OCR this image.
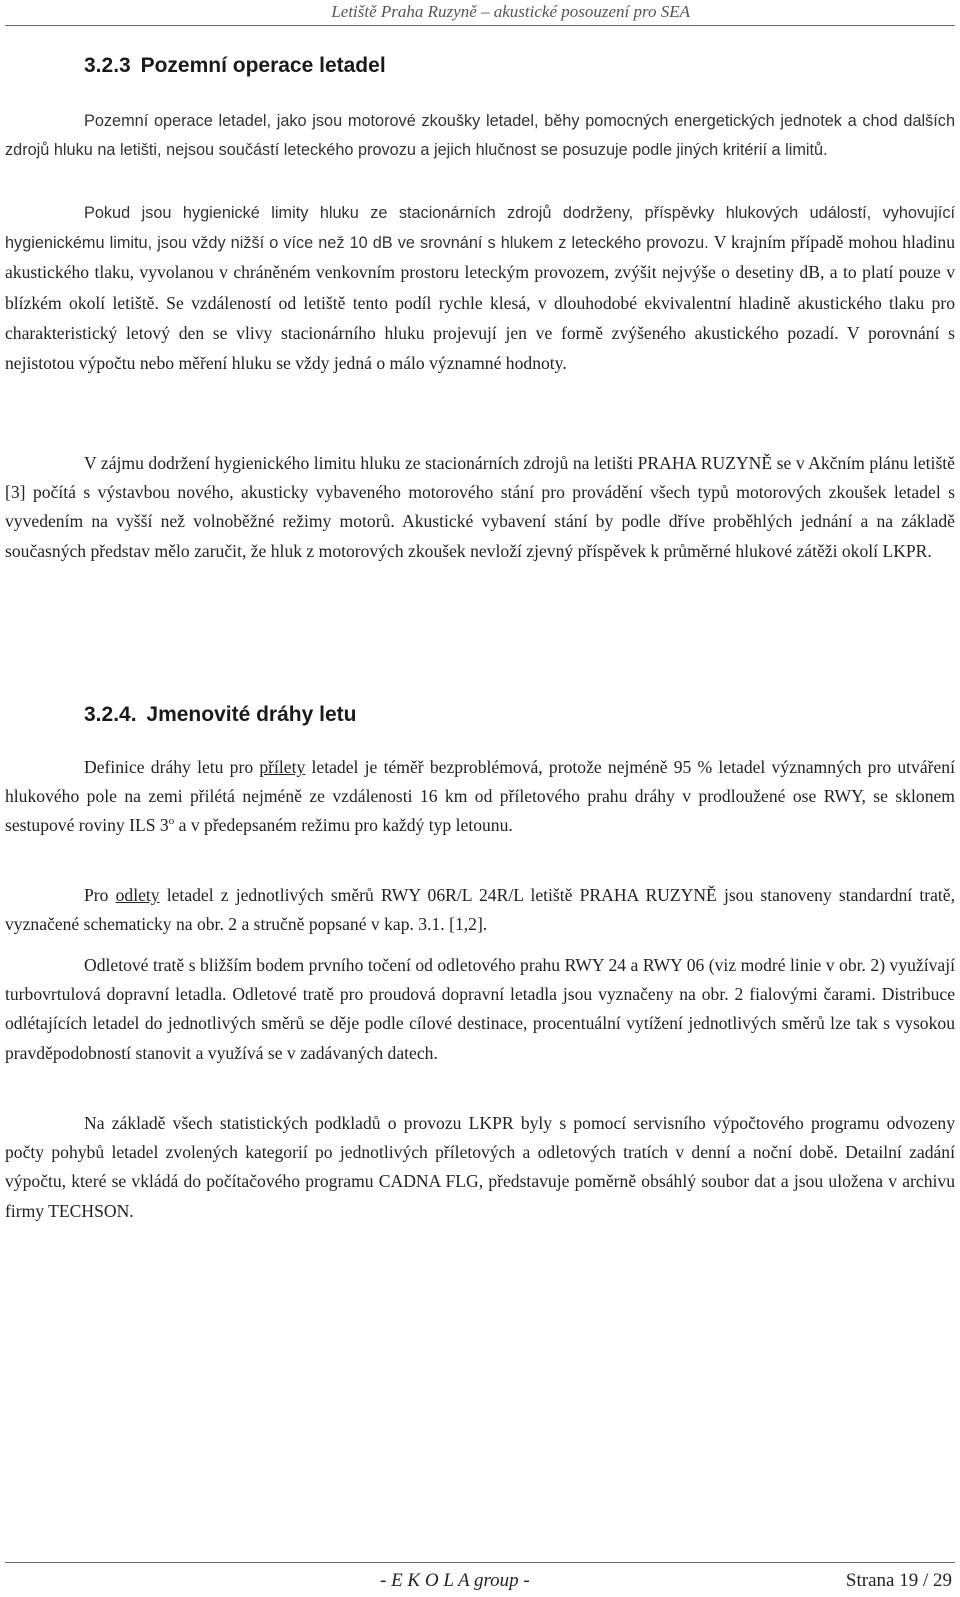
Letiště Praha Ruzyně – akustické posouzení pro SEA
3.2.3 Pozemní operace letadel

Pozemní operace letadel, jako jsou motorové zkoušky letadel, běhy pomocných energetických jednotek a chod dalších zdrojů hluku na letišti, nejsou součástí leteckého provozu a jejich hlučnost se posuzuje podle jiných kritérií a limitů.

Pokud jsou hygienické limity hluku ze stacionárních zdrojů dodrženy, příspěvky hlukových událostí, vyhovující hygienickému limitu, jsou vždy nižší o více než 10 dB ve srovnání s hlukem z leteckého provozu. V krajním případě mohou hladinu akustického tlaku, vyvolanou v chráněném venkovním prostoru leteckým provozem, zvýšit nejvýše o desetiny dB, a to platí pouze v blízkém okolí letiště. Se vzdáleností od letiště tento podíl rychle klesá, v dlouhodobé ekvivalentní hladině akustického tlaku pro charakteristický letový den se vlivy stacionárního hluku projevují jen ve formě zvýšeného akustického pozadí. V porovnání s nejistotou výpočtu nebo měření hluku se vždy jedná o málo významné hodnoty.

V zájmu dodržení hygienického limitu hluku ze stacionárních zdrojů na letišti PRAHA RUZYNĚ se v Akčním plánu letiště [3] počítá s výstavbou nového, akusticky vybaveného motorového stání pro provádění všech typů motorových zkoušek letadel s vyvedením na vyšší než volnoběžné režimy motorů. Akustické vybavení stání by podle dříve proběhlých jednání a na základě současných představ mělo zaručit, že hluk z motorových zkoušek nevloží zjevný příspěvek k průměrné hlukové zátěži okolí LKPR.

3.2.4. Jmenovité dráhy letu

Definice dráhy letu pro přílety letadel je téměř bezproblémová, protože nejméně 95 % letadel významných pro utváření hlukového pole na zemi přilétá nejméně ze vzdálenosti 16 km od příletového prahu dráhy v prodloužené ose RWY, se sklonem sestupové roviny ILS 3$^o$ a v předepsaném režimu pro každý typ letounu.

Pro odlety letadel z jednotlivých směrů RWY 06R/L 24R/L letiště PRAHA RUZYNĚ jsou stanoveny standardní tratě, vyznačené schematicky na obr. 2 a stručně popsané v kap. 3.1. [1,2].

Odletové tratě s bližším bodem prvního točení od odletového prahu RWY 24 a RWY 06 (viz modré linie v obr. 2) využívají turbovrtulová dopravní letadla. Odletové tratě pro proudová dopravní letadla jsou vyznačeny na obr. 2 fialovými čarami. Distribuce odlétajících letadel do jednotlivých směrů se děje podle cílové destinace, procentuální vytížení jednotlivých směrů lze tak s vysokou pravděpodobností stanovit a využívá se v zadávaných datech.

Na základě všech statistických podkladů o provozu LKPR byly s pomocí servisního výpočtového programu odvozeny počty pohybů letadel zvolených kategorií po jednotlivých příletových a odletových tratích v denní a noční době. Detailní zadání výpočtu, které se vkládá do počítačového programu CADNA FLG, představuje poměrně obsáhlý soubor dat a jsou uložena v archivu firmy TECHSON.

- E K O L A group -	Strana 19 / 29
